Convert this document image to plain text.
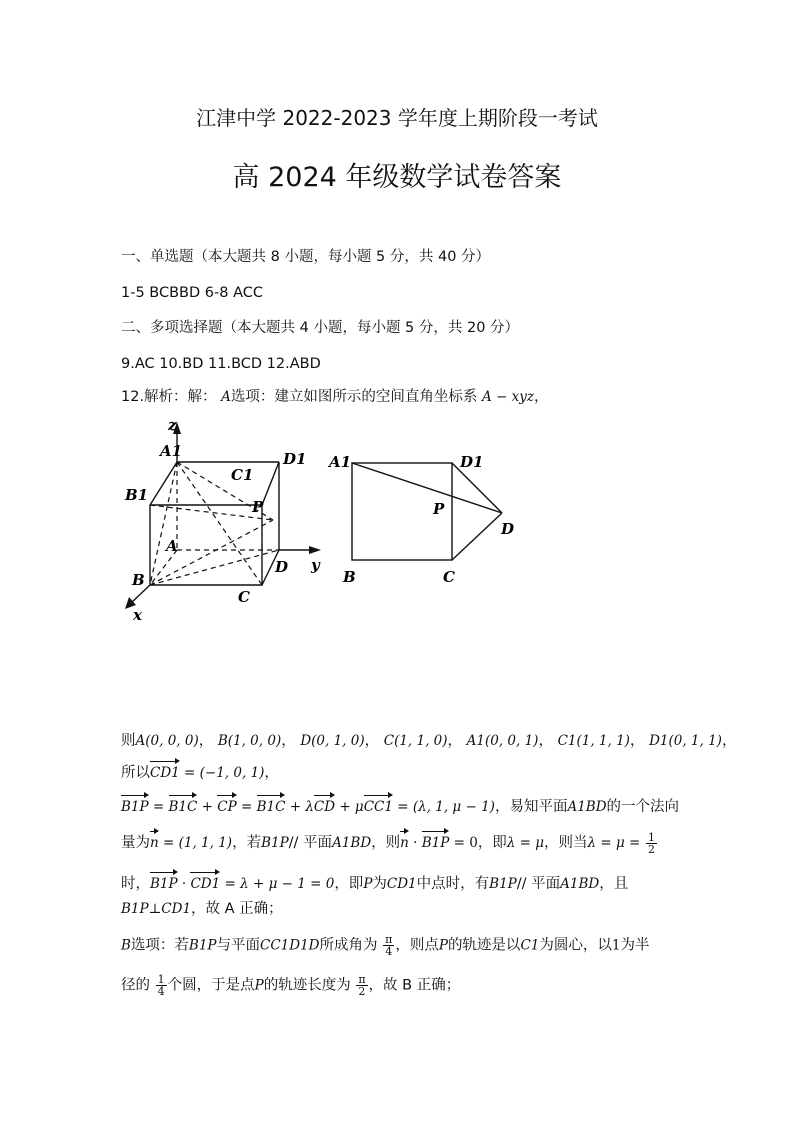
江津中学 2022-2023 学年度上期阶段一考试
高 2024 年级数学试卷答案
一、单选题（本大题共 8 小题，每小题 5 分，共 40 分）
1-5 BCBBD 6-8 ACC
二、多项选择题（本大题共 4 小题，每小题 5 分，共 20 分）
9.AC 10.BD 11.BCD 12.ABD
12.解析：解： A选项：建立如图所示的空间直角坐标系 A − xyz，
z
A1	D1
C1
B1
P
A
D y
B
C
x
A1	D1
P
D
B	C
则A(0, 0, 0)， B(1, 0, 0)， D(0, 1, 0)， C(1, 1, 0)， A1(0, 0, 1)， C1(1, 1, 1)， D1(0, 1, 1)，
所以CD1 = (−1, 0, 1)，
B1P = B1C + CP = B1C + λCD + μCC1 = (λ, 1, μ − 1)，易知平面A1BD的一个法向
量为n = (1, 1, 1)，若B1P// 平面A1BD，则n · B1P = 0，即λ = μ，则当$\lambda = \mu = \frac{1}{2}$
时，B1P · CD1 = λ + μ − 1 = 0，即P为CD1中点时，有B1P// 平面A1BD，且
B1P⊥CD1，故 A 正确；
B选项：若B1P与平面CC1D1D所成角为 $\frac{\pi}{4}$ ，则点P的轨迹是以C1为圆心，以1为半
径的 $\frac{1}{4}$ 个圆，于是点P的轨迹长度为 $\frac{\pi}{2}$ ，故 B 正确；
